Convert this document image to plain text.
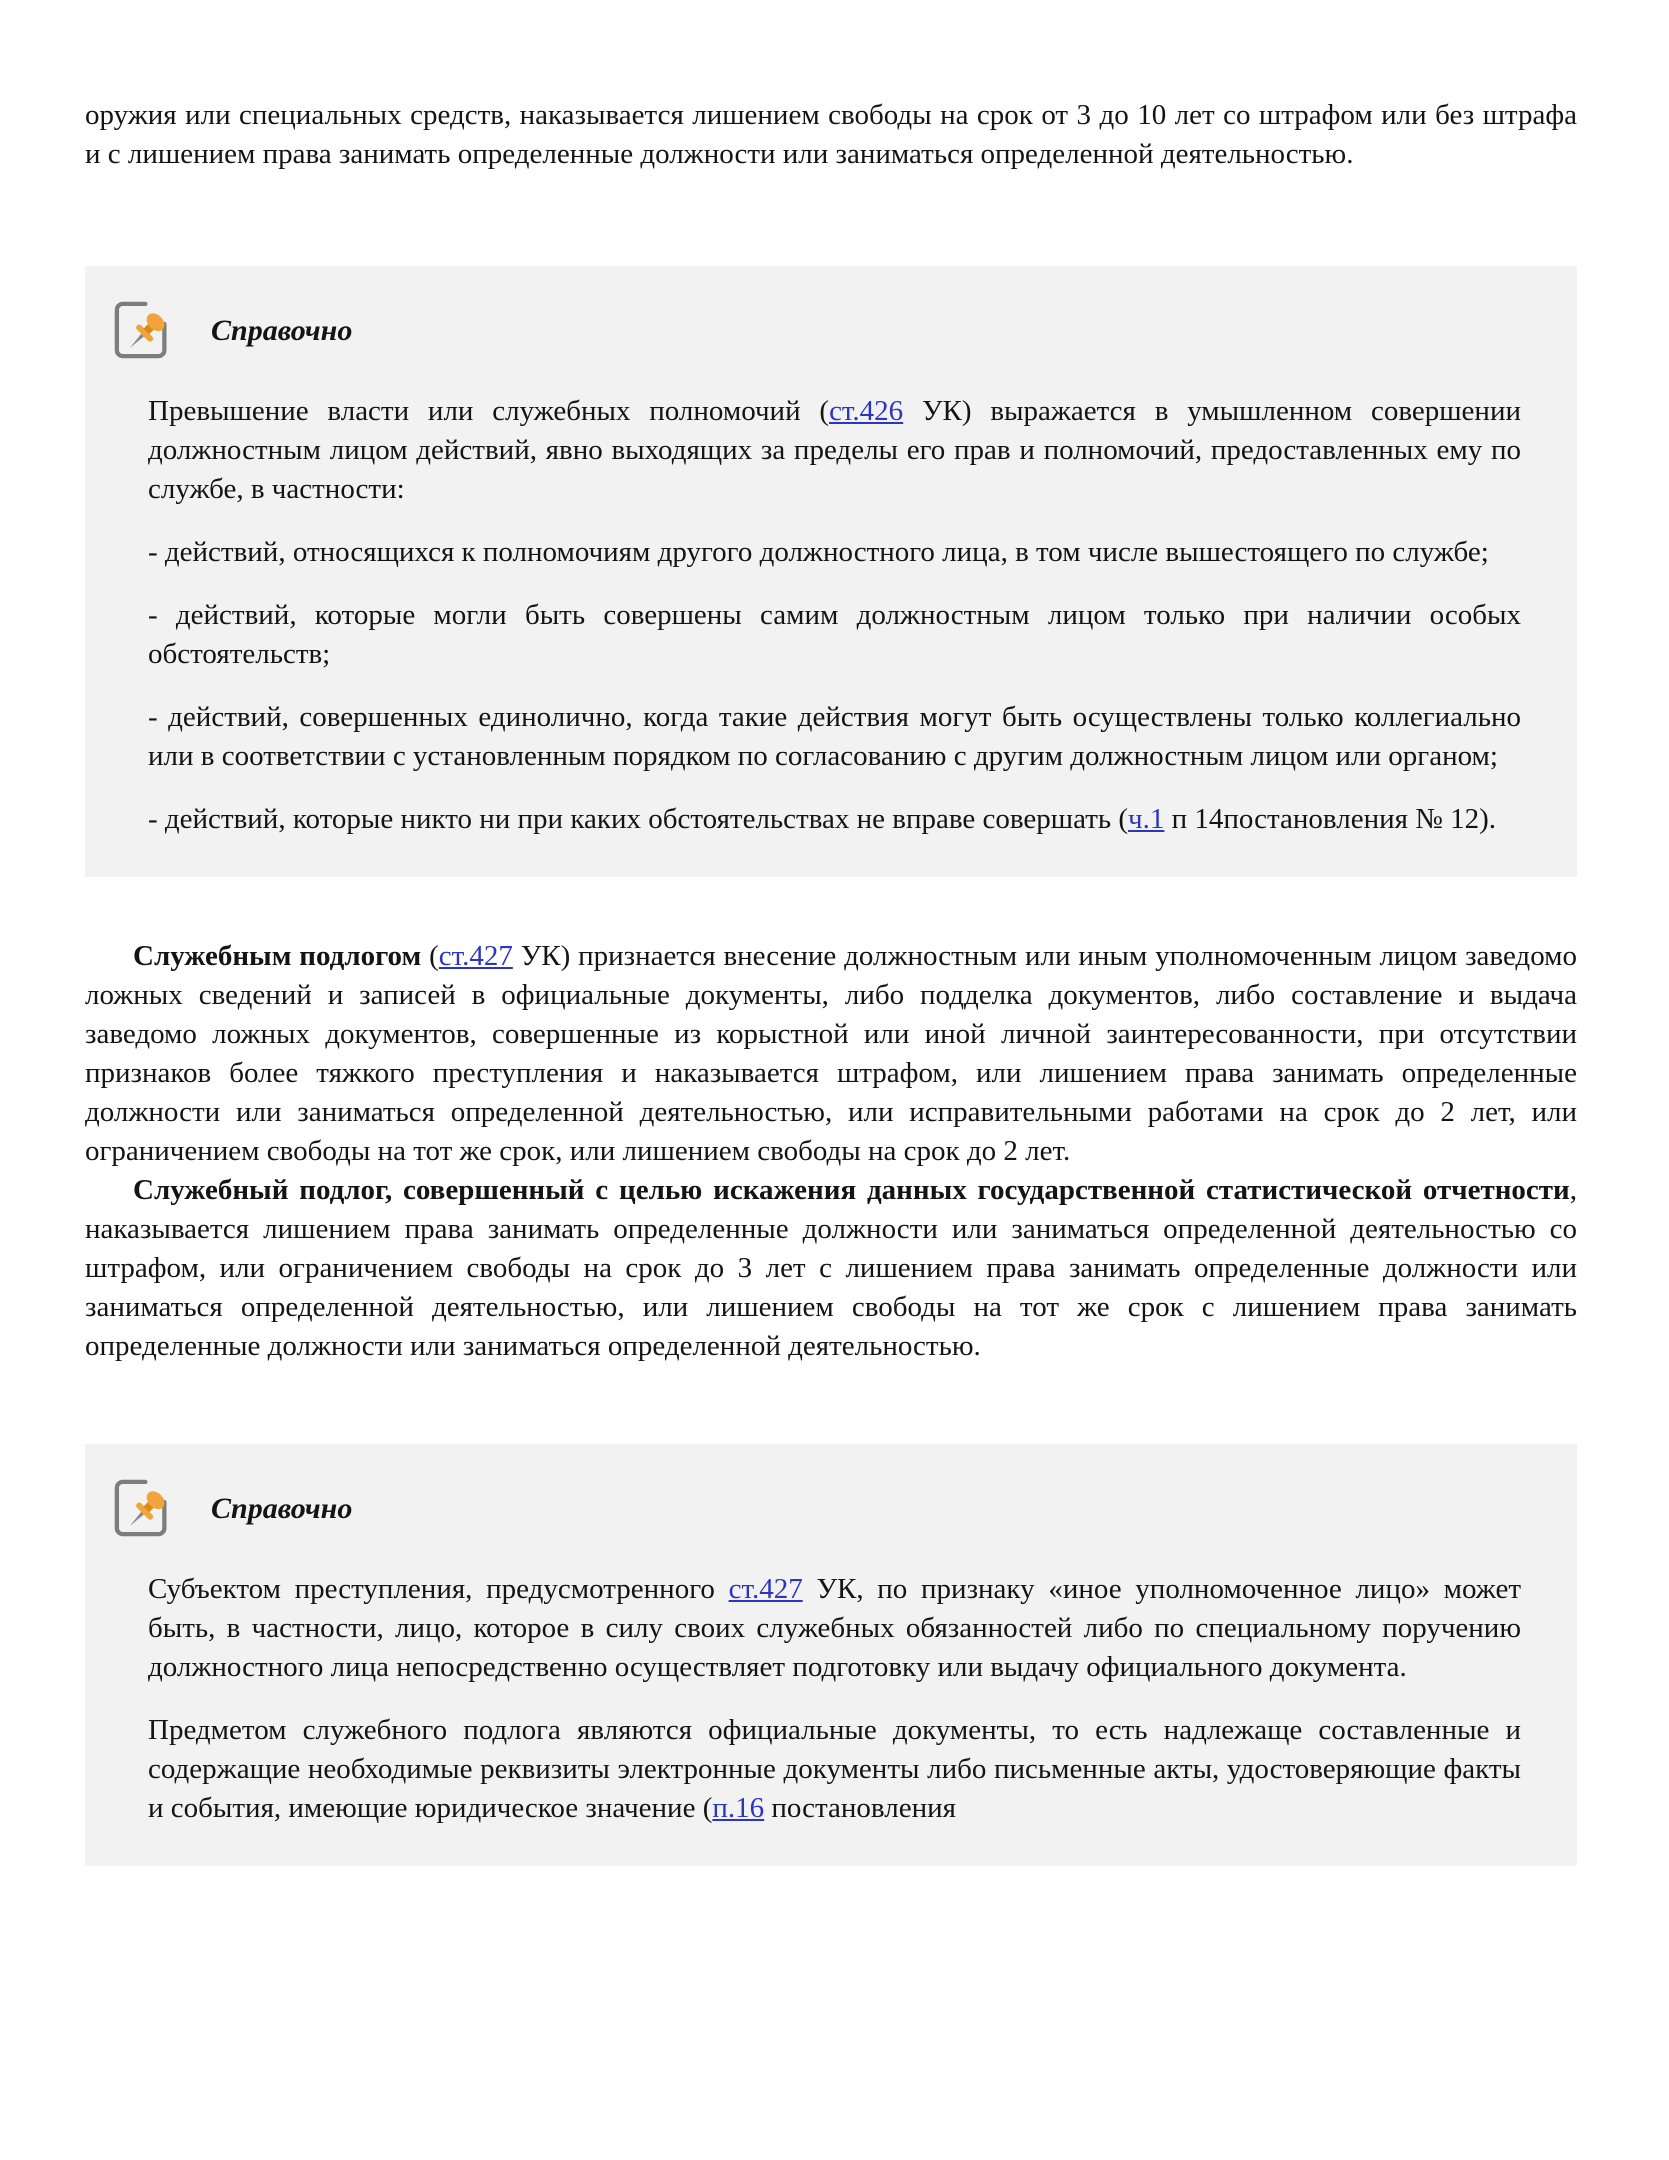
оружия или специальных средств, наказывается лишением свободы на срок от 3 до 10 лет со штрафом или без штрафа и с лишением права занимать определенные должности или заниматься определенной деятельностью.

Справочно

Превышение власти или служебных полномочий (ст.426 УК) выражается в умышленном совершении должностным лицом действий, явно выходящих за пределы его прав и полномочий, предоставленных ему по службе, в частности:

- действий, относящихся к полномочиям другого должностного лица, в том числе вышестоящего по службе;

- действий, которые могли быть совершены самим должностным лицом только при наличии особых обстоятельств;

- действий, совершенных единолично, когда такие действия могут быть осуществлены только коллегиально или в соответствии с установленным порядком по согласованию с другим должностным лицом или органом;

- действий, которые никто ни при каких обстоятельствах не вправе совершать (ч.1 п 14постановления № 12).

Служебным подлогом (ст.427 УК) признается внесение должностным или иным уполномоченным лицом заведомо ложных сведений и записей в официальные документы, либо подделка документов, либо составление и выдача заведомо ложных документов, совершенные из корыстной или иной личной заинтересованности, при отсутствии признаков более тяжкого преступления и наказывается штрафом, или лишением права занимать определенные должности или заниматься определенной деятельностью, или исправительными работами на срок до 2 лет, или ограничением свободы на тот же срок, или лишением свободы на срок до 2 лет.

Служебный подлог, совершенный с целью искажения данных государственной статистической отчетности, наказывается лишением права занимать определенные должности или заниматься определенной деятельностью со штрафом, или ограничением свободы на срок до 3 лет с лишением права занимать определенные должности или заниматься определенной деятельностью, или лишением свободы на тот же срок с лишением права занимать определенные должности или заниматься определенной деятельностью.

Справочно

Субъектом преступления, предусмотренного ст.427 УК, по признаку «иное уполномоченное лицо» может быть, в частности, лицо, которое в силу своих служебных обязанностей либо по специальному поручению должностного лица непосредственно осуществляет подготовку или выдачу официального документа.

Предметом служебного подлога являются официальные документы, то есть надлежаще составленные и содержащие необходимые реквизиты электронные документы либо письменные акты, удостоверяющие факты и события, имеющие юридическое значение (п.16 постановления
